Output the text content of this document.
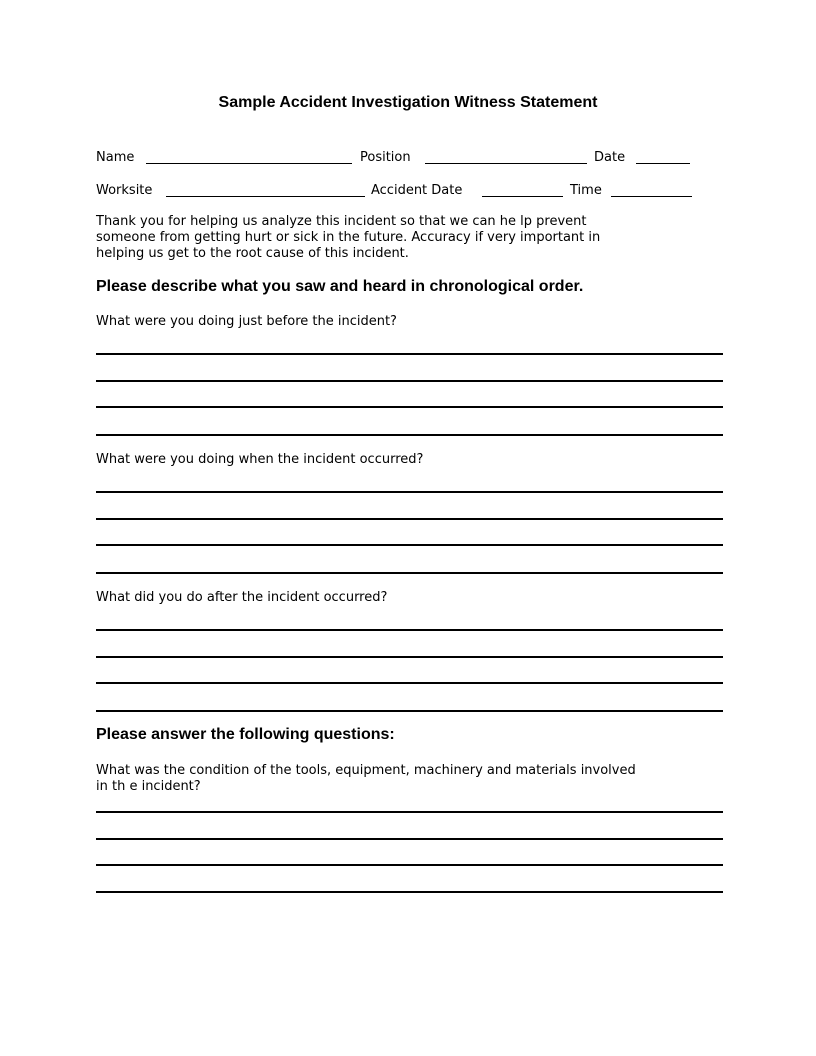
Sample Accident Investigation Witness Statement
Name	Position	Date
Worksite	Accident Date	Time
Thank you for helping us analyze this incident so that we can he lp prevent
someone from getting hurt or sick in the future. Accuracy if very important in
helping us get to the root cause of this incident.
Please describe what you saw and heard in chronological order.
What were you doing just before the incident?
What were you doing when the incident occurred?
What did you do after the incident occurred?
Please answer the following questions:
What was the condition of the tools, equipment, machinery and materials involved
in th e incident?
